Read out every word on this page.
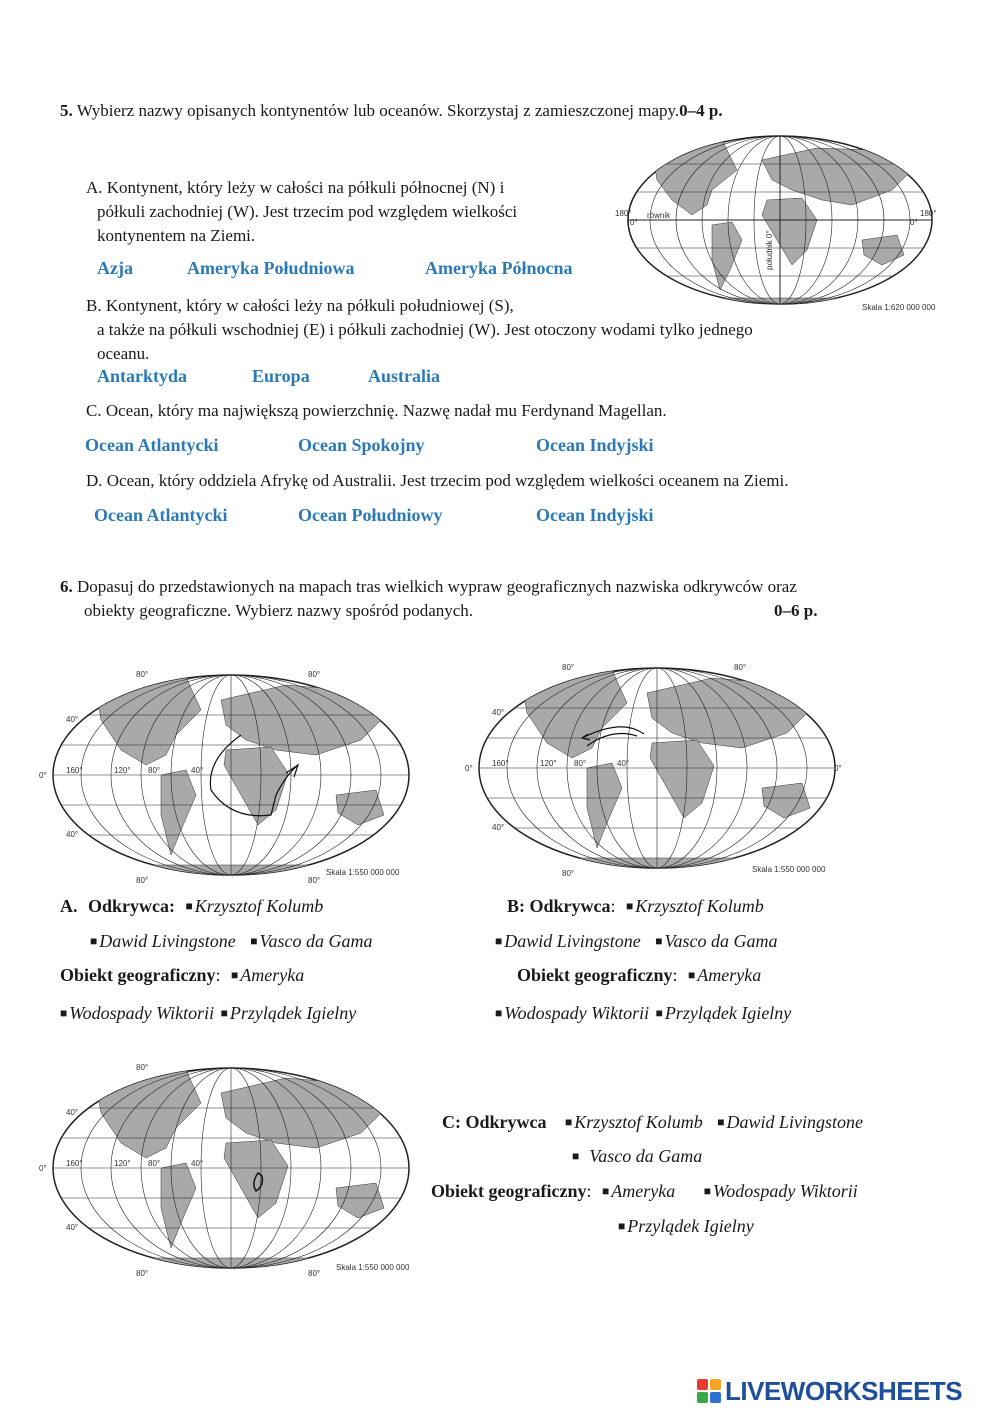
5. Wybierz nazwy opisanych kontynentów lub oceanów. Skorzystaj z zamieszczonej mapy.0–4 p.
A. Kontynent, który leży w całości na półkuli północnej (N) i
półkuli zachodniej (W). Jest trzecim pod względem wielkości
kontynentem na Ziemi.
Azja	Ameryka Południowa	Ameryka Północna
B. Kontynent, który w całości leży na półkuli południowej (S),
a także na półkuli wschodniej (E) i półkuli zachodniej (W). Jest otoczony wodami tylko jednego
oceanu.
Antarktyda	Europa	Australia
C. Ocean, który ma największą powierzchnię. Nazwę nadał mu Ferdynand Magellan.
Ocean Atlantycki	Ocean Spokojny	Ocean Indyjski
D. Ocean, który oddziela Afrykę od Australii. Jest trzecim pod względem wielkości oceanem na Ziemi.
Ocean Atlantycki	Ocean Południowy	Ocean Indyjski
180°
0°
równik	180°
0°
południk 0°
Skala 1:620 000 000
6. Dopasuj do przedstawionych na mapach tras wielkich wypraw geograficznych nazwiska odkrywców oraz
obiekty geograficzne. Wybierz nazwy spośród podanych.	0–6 p.
0°
160°	120° 80°	40°
40°
40°
80°	80°
80°	80°
Skala 1:550 000 000
0°
160°	120° 80°	40°
0°
40°
40°
80°	80°
80°	Skala 1:550 000 000
A. Odkrywca: ■ Krzysztof Kolumb
■ Dawid Livingstone ■ Vasco da Gama
Obiekt geograficzny: ■ Ameryka
■ Wodospady Wiktorii ■ Przylądek Igielny
B: Odkrywca: ■ Krzysztof Kolumb
■ Dawid Livingstone ■ Vasco da Gama
Obiekt geograficzny: ■ Ameryka
■ Wodospady Wiktorii ■ Przylądek Igielny
0°
160°	120° 80°	40°
40°
40°
80°
80°	80°
Skala 1:550 000 000
C: Odkrywca ■ Krzysztof Kolumb ■ Dawid Livingstone
■ Vasco da Gama
Obiekt geograficzny: ■ Ameryka ■ Wodospady Wiktorii
■ Przylądek Igielny
LIVEWORKSHEETS
